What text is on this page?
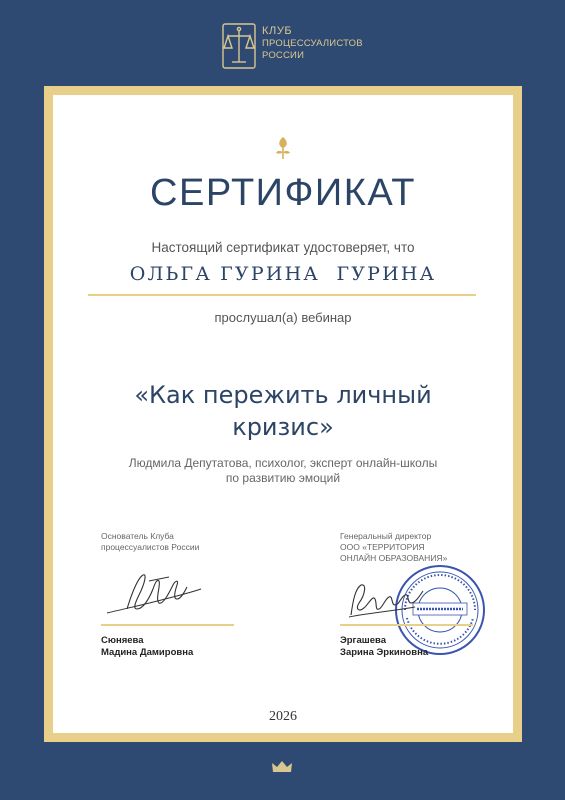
КЛУБ
ПРОЦЕССУАЛИСТОВ
РОССИИ
СЕРТИФИКАТ
Настоящий сертификат удостоверяет, что
ОЛЬГА ГУРИНА  ГУРИНА
прослушал(а) вебинар
«Как пережить личный
кризис»
Людмила Депутатова, психолог, эксперт онлайн-школы
по развитию эмоций
Основатель Клуба
процессуалистов России
Сюняева
Мадина Дамировна
Генеральный директор
ООО «ТЕРРИТОРИЯ
ОНЛАЙН ОБРАЗОВАНИЯ»
Эргашева
Зарина Эркиновна
2026
